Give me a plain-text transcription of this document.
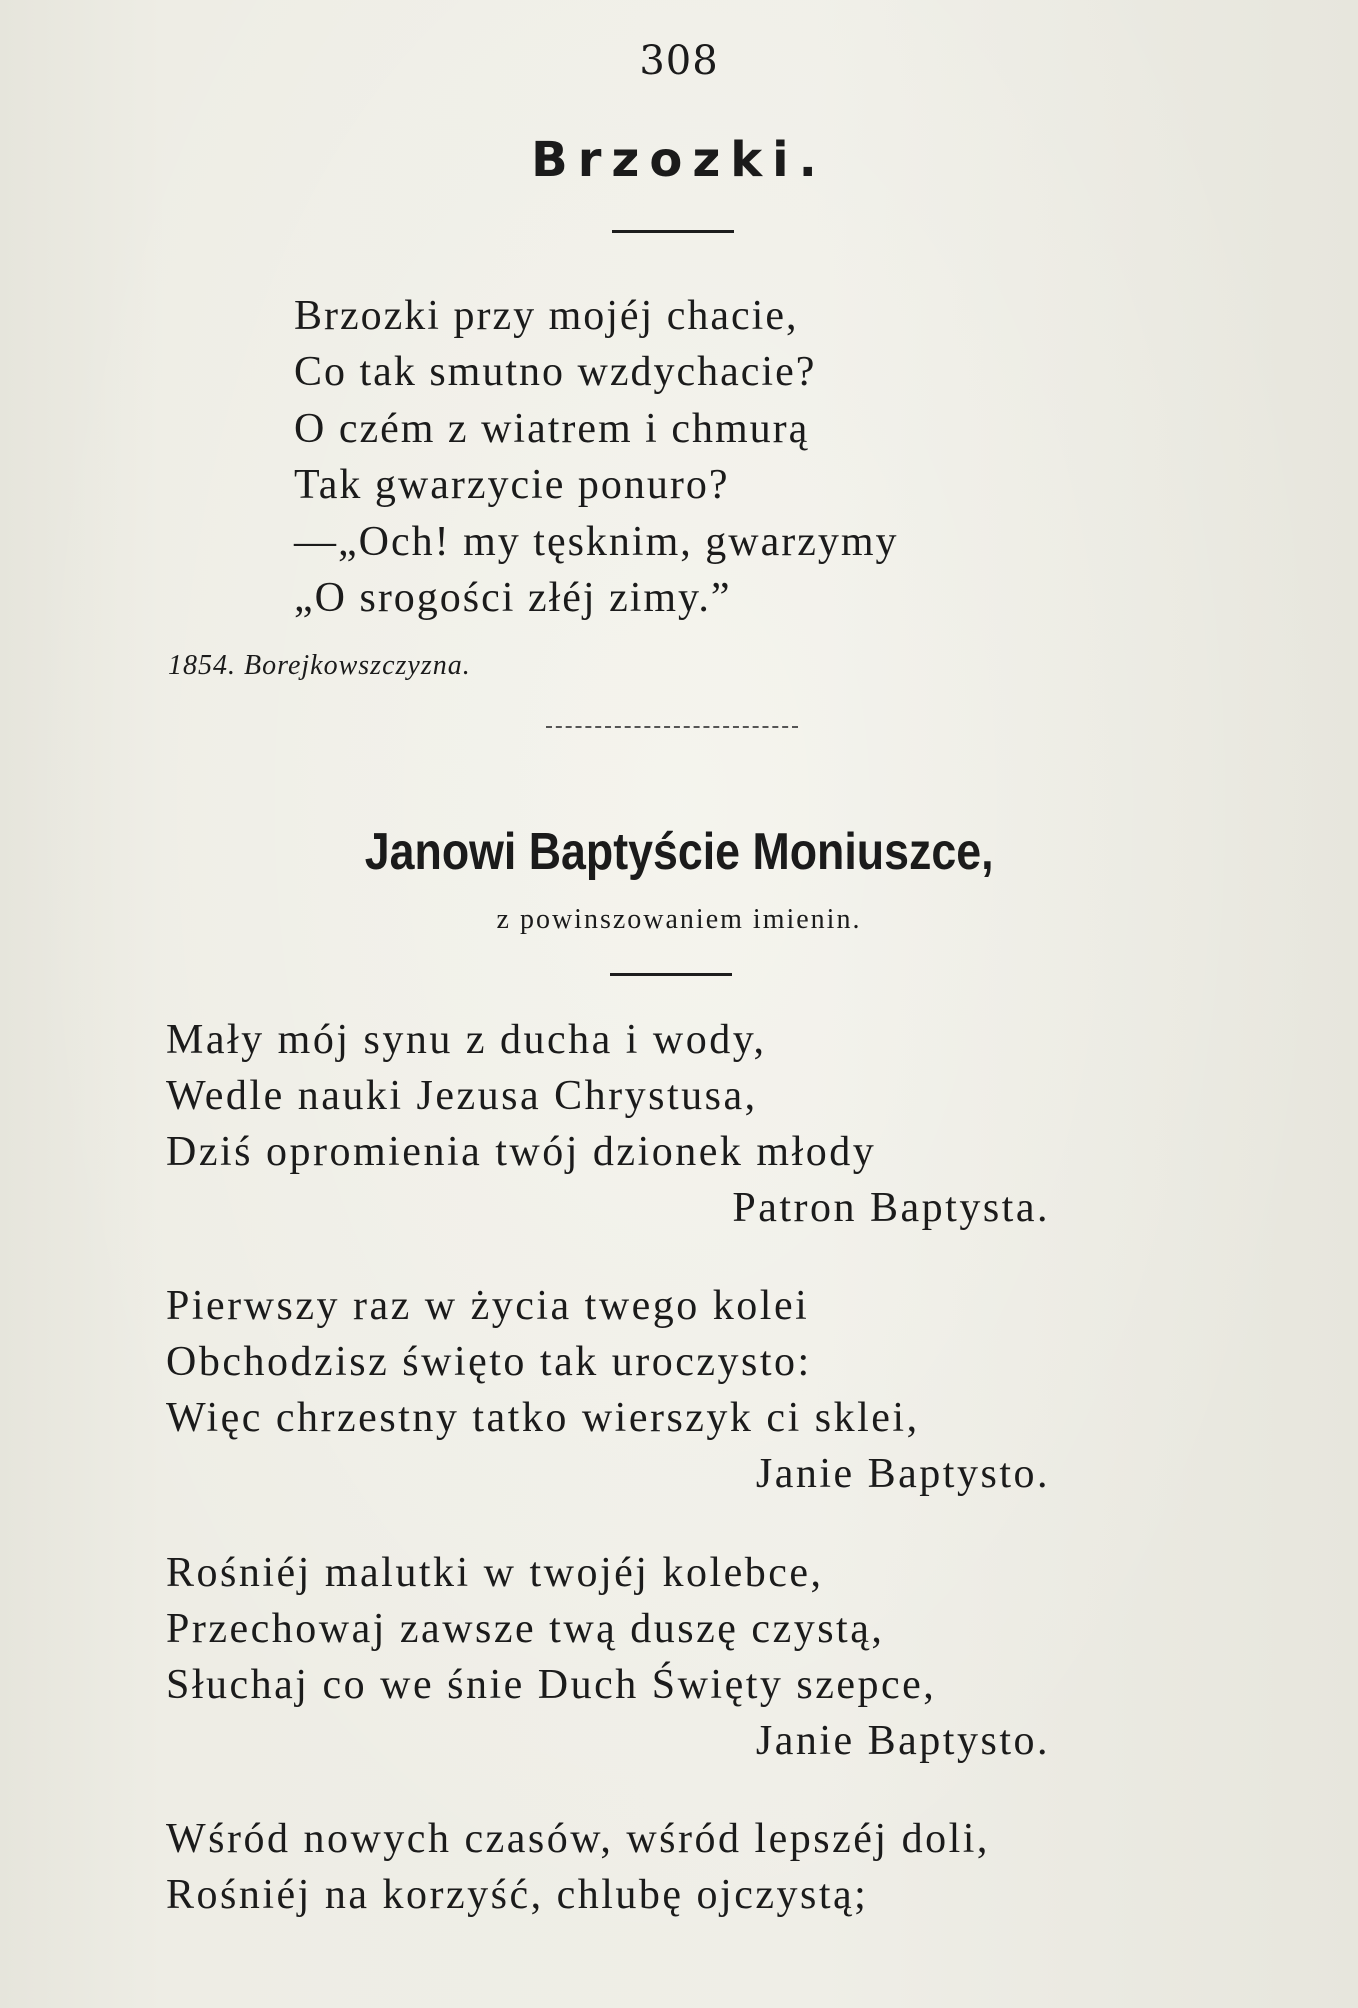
308
Brzozki.
Brzozki przy mojéj chacie,
Co tak smutno wzdychacie?
O czém z wiatrem i chmurą
Tak gwarzycie ponuro?
—„Och! my tęsknim, gwarzymy
„O srogości złéj zimy.”
1854. Borejkowszczyzna.
Janowi Baptyście Moniuszce,
z powinszowaniem imienin.
Mały mój synu z ducha i wody,
Wedle nauki Jezusa Chrystusa,
Dziś opromienia twój dzionek młody
Patron Baptysta.
Pierwszy raz w życia twego kolei
Obchodzisz święto tak uroczysto:
Więc chrzestny tatko wierszyk ci sklei,
Janie Baptysto.
Rośniéj malutki w twojéj kolebce,
Przechowaj zawsze twą duszę czystą,
Słuchaj co we śnie Duch Święty szepce,
Janie Baptysto.
Wśród nowych czasów, wśród lepszéj doli,
Rośniéj na korzyść, chlubę ojczystą;
